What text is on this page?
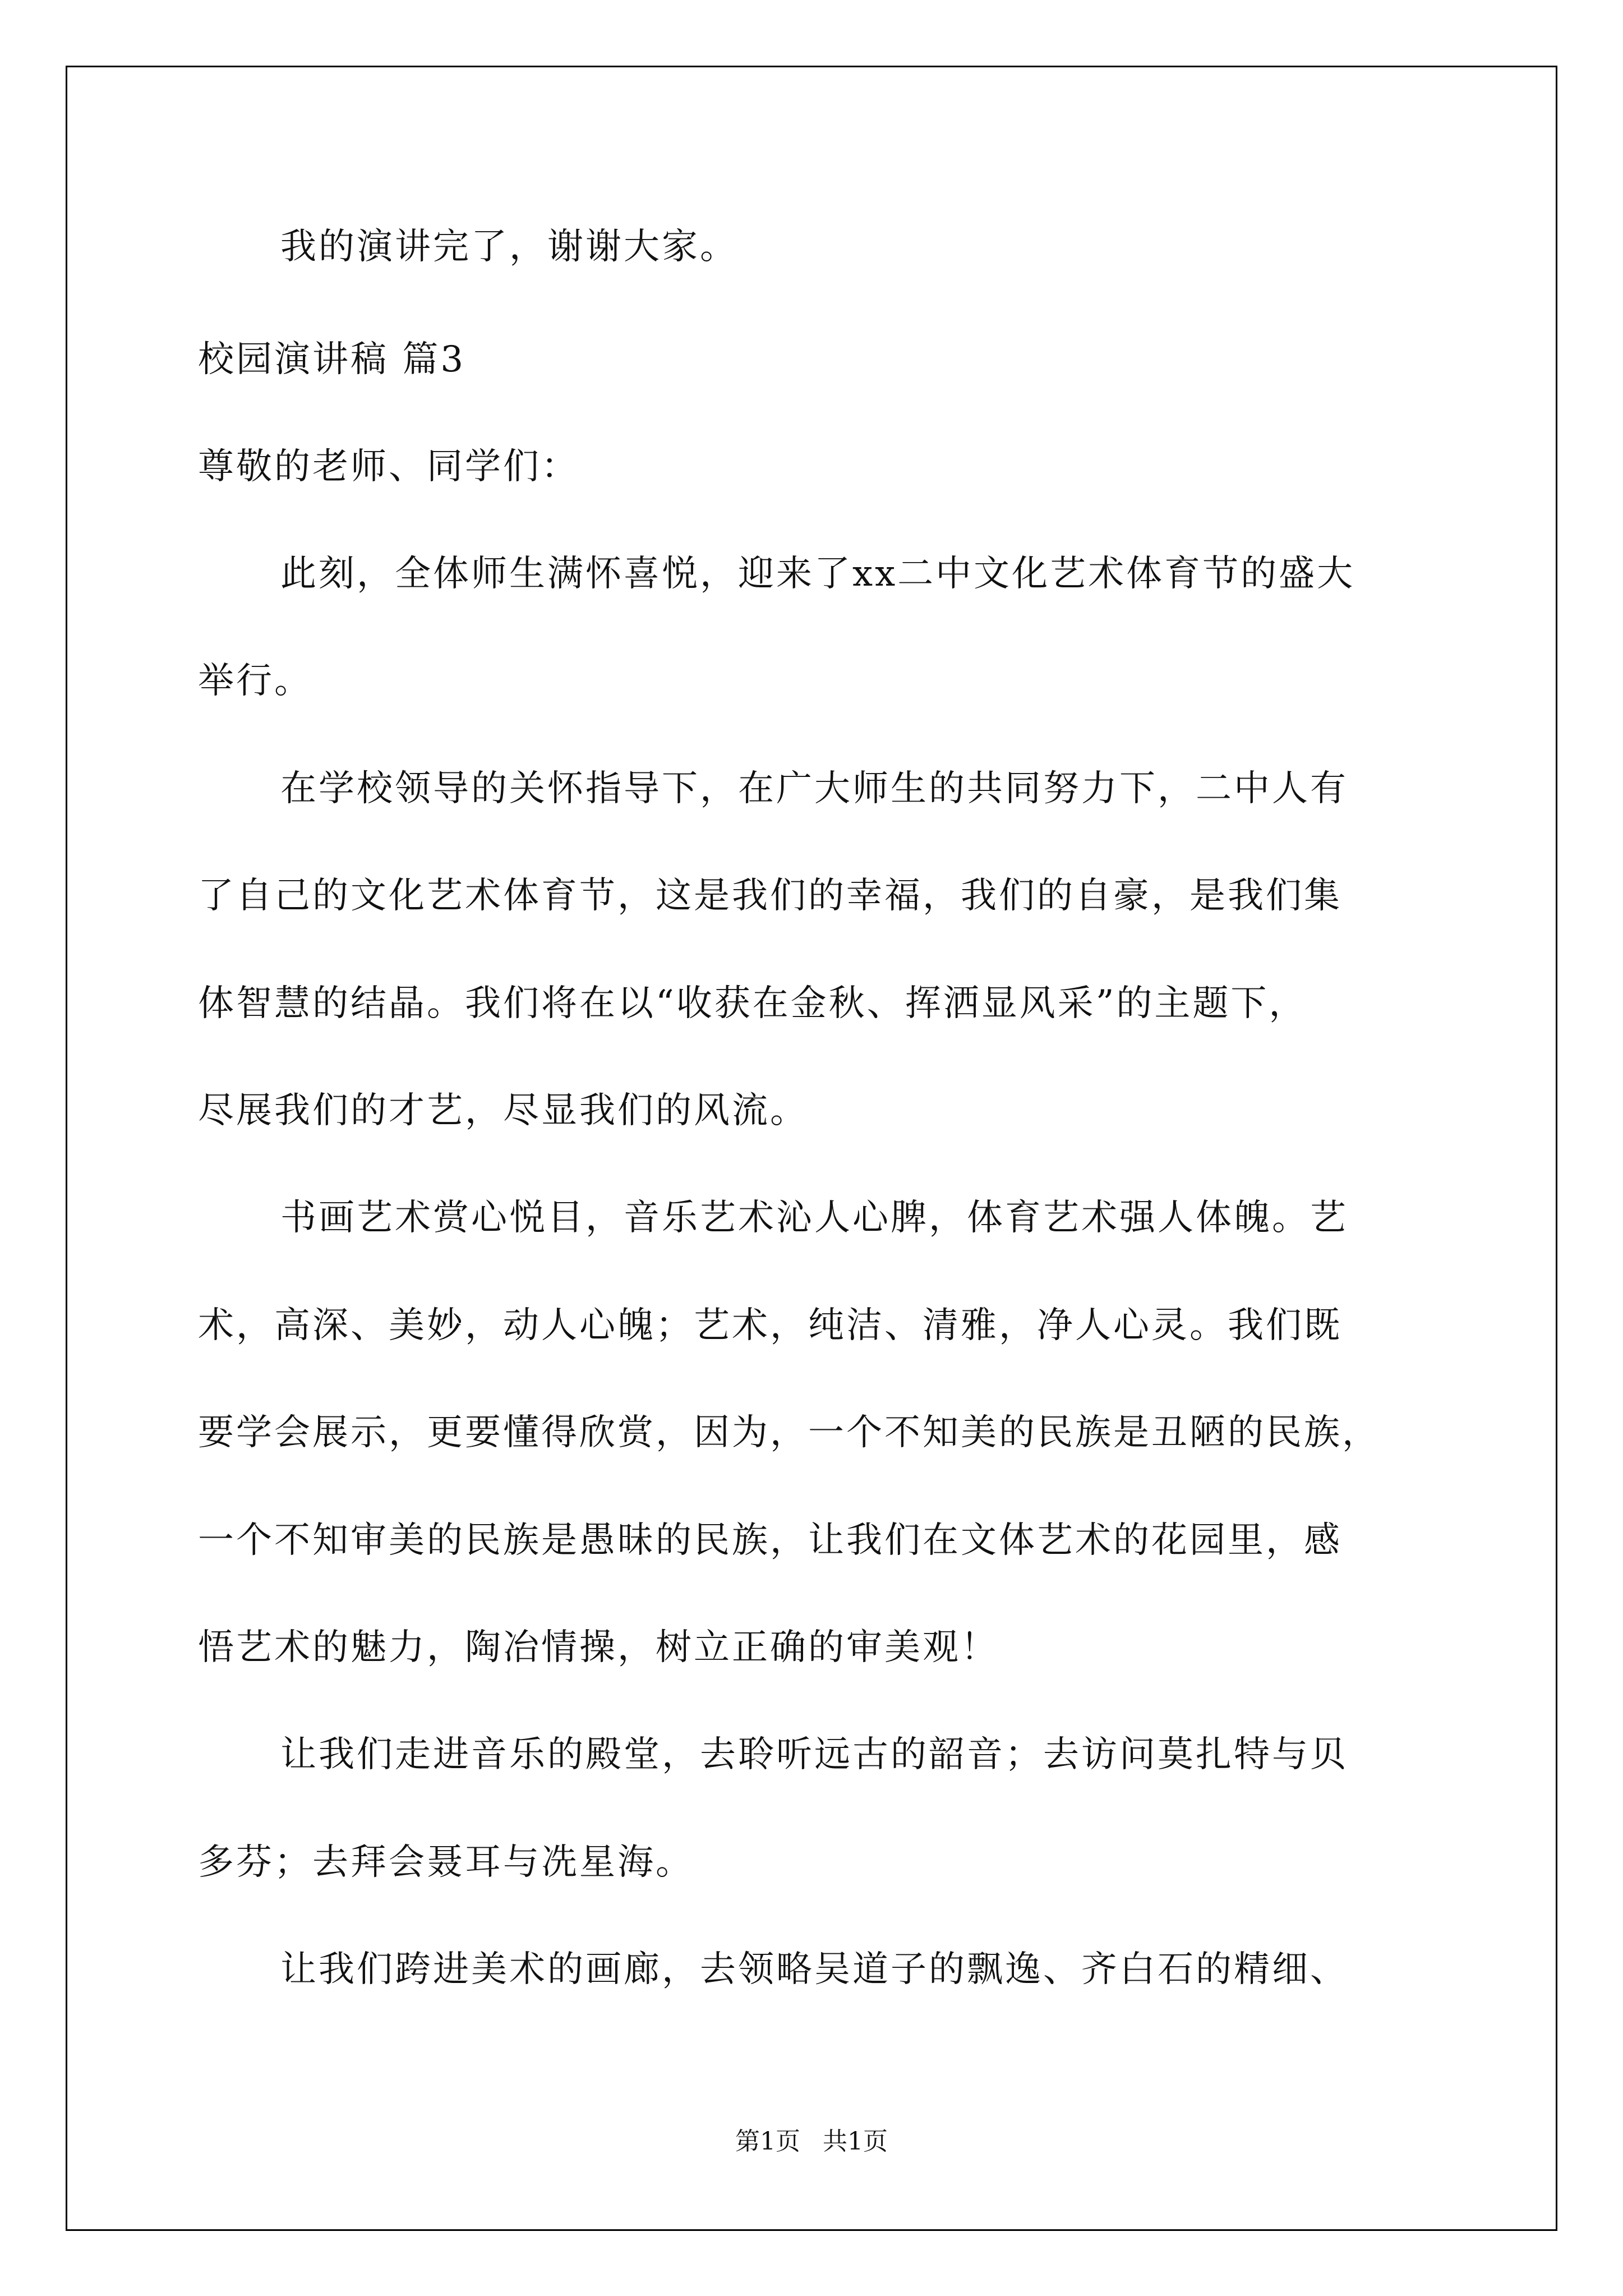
我的演讲完了，谢谢大家。
校园演讲稿 篇3
尊敬的老师、同学们：
此刻，全体师生满怀喜悦，迎来了xx二中文化艺术体育节的盛大
举行。
在学校领导的关怀指导下，在广大师生的共同努力下，二中人有
了自己的文化艺术体育节，这是我们的幸福，我们的自豪，是我们集
体智慧的结晶。我们将在以“收获在金秋、挥洒显风采”的主题下，
尽展我们的才艺，尽显我们的风流。
书画艺术赏心悦目，音乐艺术沁人心脾，体育艺术强人体魄。艺
术，高深、美妙，动人心魄；艺术，纯洁、清雅，净人心灵。我们既
要学会展示，更要懂得欣赏，因为，一个不知美的民族是丑陋的民族，
一个不知审美的民族是愚昧的民族，让我们在文体艺术的花园里，感
悟艺术的魅力，陶冶情操，树立正确的审美观！
让我们走进音乐的殿堂，去聆听远古的韶音；去访问莫扎特与贝
多芬；去拜会聂耳与冼星海。
让我们跨进美术的画廊，去领略吴道子的飘逸、齐白石的精细、
第1页 共1页
